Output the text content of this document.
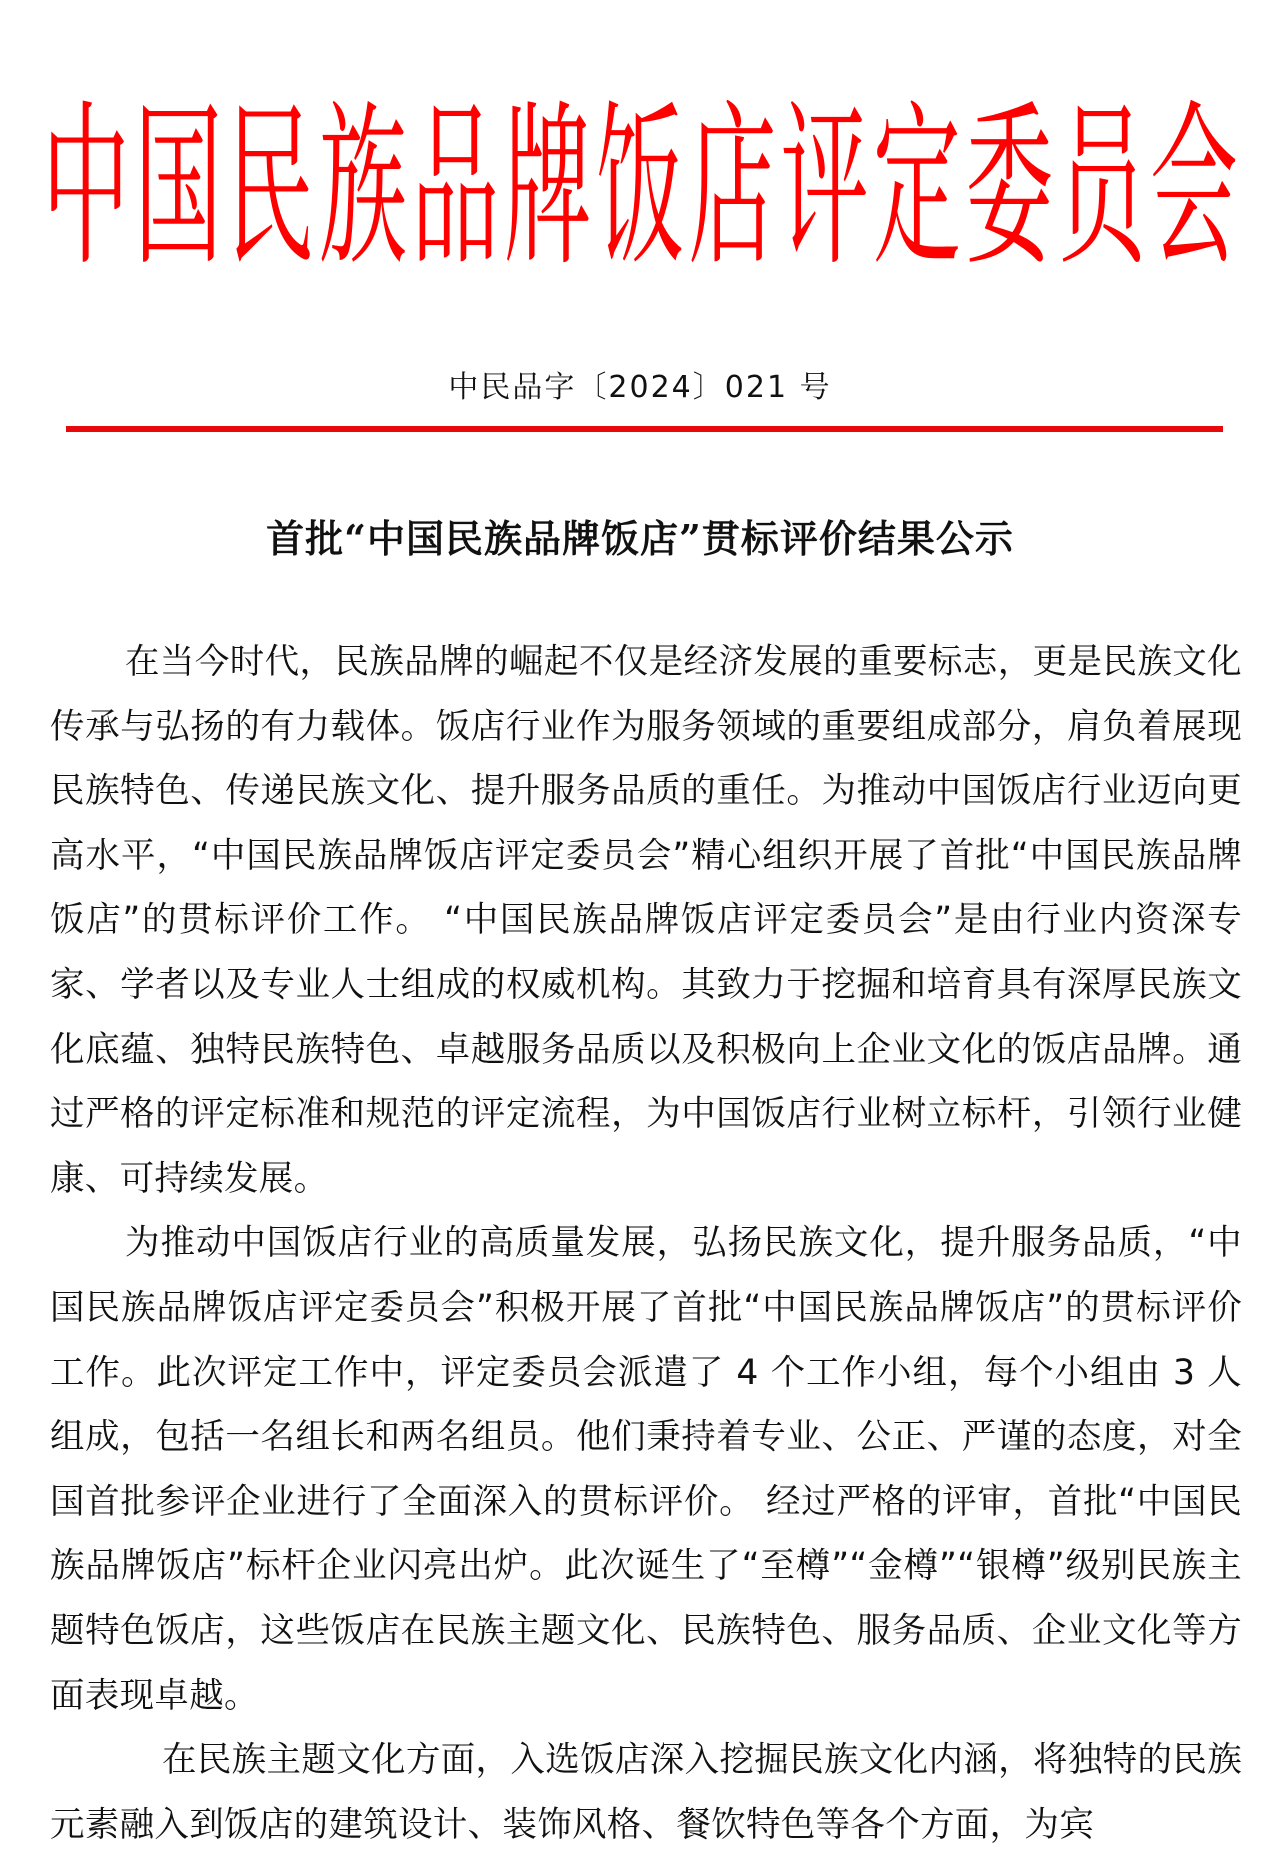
中 国 民 族 品 牌 饭 店 评 定 委 员 会
中民品字〔2024〕021 号
首批“中国民族品牌饭店”贯标评价结果公示

在当今时代，民族品牌的崛起不仅是经济发展的重要标志，更是民族文化传承与弘扬的有力载体。饭店行业作为服务领域的重要组成部分，肩负着展现民族特色、传递民族文化、提升服务品质的重任。为推动中国饭店行业迈向更高水平，“中国民族品牌饭店评定委员会”精心组织开展了首批“中国民族品牌饭店”的贯标评价工作。 “中国民族品牌饭店评定委员会”是由行业内资深专家、学者以及专业人士组成的权威机构。其致力于挖掘和培育具有深厚民族文化底蕴、独特民族特色、卓越服务品质以及积极向上企业文化的饭店品牌。通过严格的评定标准和规范的评定流程，为中国饭店行业树立标杆，引领行业健康、可持续发展。

为推动中国饭店行业的高质量发展，弘扬民族文化，提升服务品质，“中国民族品牌饭店评定委员会”积极开展了首批“中国民族品牌饭店”的贯标评价工作。此次评定工作中，评定委员会派遣了 4 个工作小组，每个小组由 3 人组成，包括一名组长和两名组员。他们秉持着专业、公正、严谨的态度，对全国首批参评企业进行了全面深入的贯标评价。 经过严格的评审，首批“中国民族品牌饭店”标杆企业闪亮出炉。此次诞生了“至樽”“金樽”“银樽”级别民族主题特色饭店，这些饭店在民族主题文化、民族特色、服务品质、企业文化等方面表现卓越。

在民族主题文化方面，入选饭店深入挖掘民族文化内涵，将独特的民族元素融入到饭店的建筑设计、装饰风格、餐饮特色等各个方面，为宾
